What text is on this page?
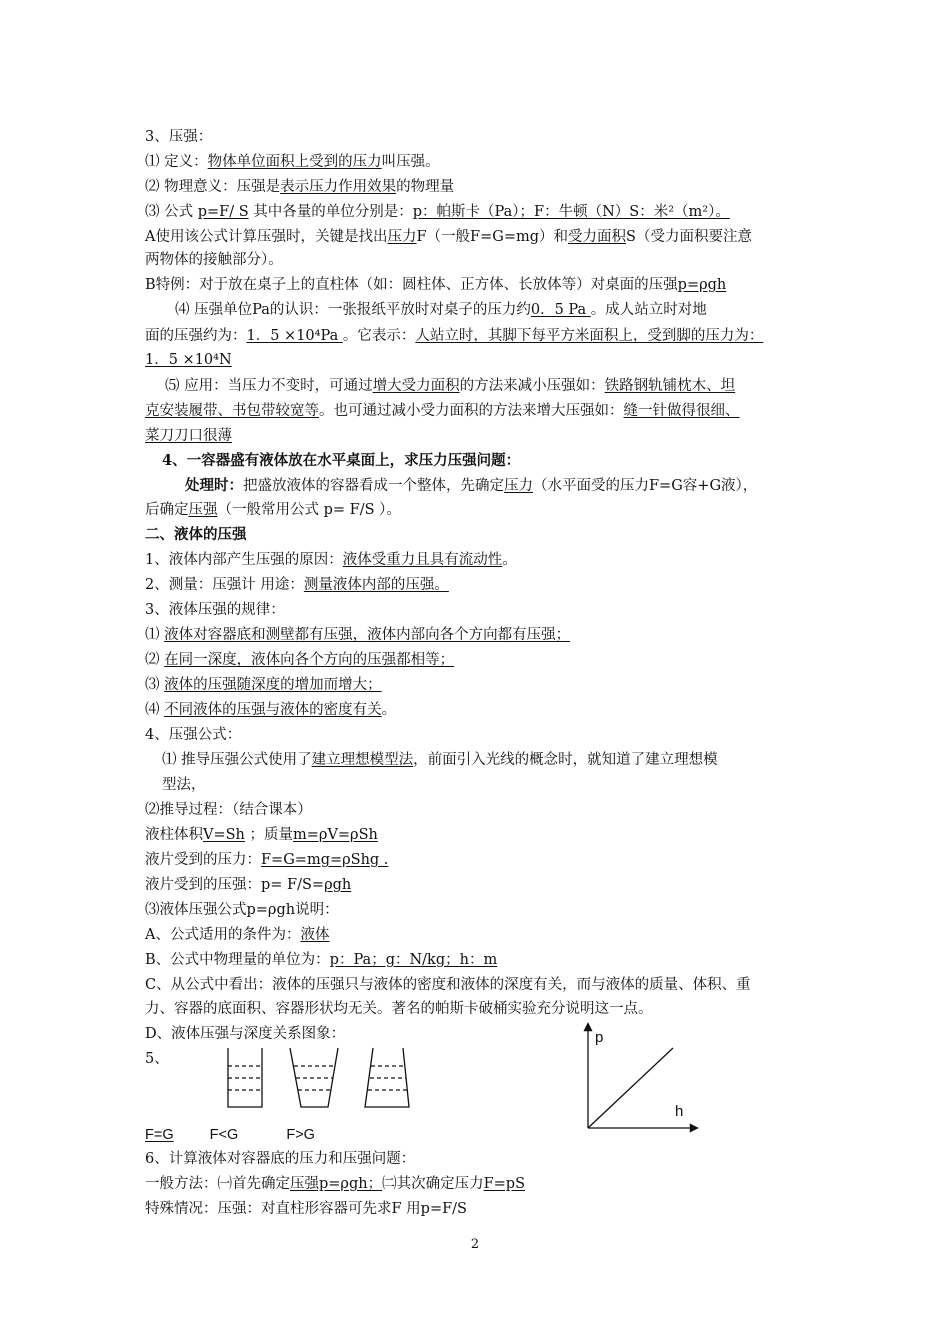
3、压强：
⑴ 定义：物体单位面积上受到的压力叫压强。
⑵ 物理意义：压强是表示压力作用效果的物理量
⑶ 公式 p=F/ S 其中各量的单位分别是：p：帕斯卡（Pa）；F：牛顿（N）S：米²（m²）。
A使用该公式计算压强时，关键是找出压力F（一般F=G=mg）和受力面积S（受力面积要注意
两物体的接触部分）。
B特例：对于放在桌子上的直柱体（如：圆柱体、正方体、长放体等）对桌面的压强p=ρgh
⑷ 压强单位Pa的认识：一张报纸平放时对桌子的压力约0．5 Pa 。成人站立时对地
面的压强约为：1．5 ×10⁴Pa 。它表示：人站立时，其脚下每平方米面积上，受到脚的压力为：
1．5 ×10⁴N
⑸ 应用：当压力不变时，可通过增大受力面积的方法来减小压强如：铁路钢轨铺枕木、坦
克安装履带、书包带较宽等。也可通过减小受力面积的方法来增大压强如：缝一针做得很细、
菜刀刀口很薄
4、一容器盛有液体放在水平桌面上，求压力压强问题：
处理时：把盛放液体的容器看成一个整体，先确定压力（水平面受的压力F=G容+G液），
后确定压强（一般常用公式 p= F/S ）。
二、液体的压强
1、液体内部产生压强的原因：液体受重力且具有流动性。
2、测量：压强计 用途：测量液体内部的压强。
3、液体压强的规律：
⑴ 液体对容器底和测壁都有压强，液体内部向各个方向都有压强；
⑵ 在同一深度，液体向各个方向的压强都相等；
⑶ 液体的压强随深度的增加而增大；
⑷ 不同液体的压强与液体的密度有关。
4、压强公式：
⑴ 推导压强公式使用了建立理想模型法，前面引入光线的概念时，就知道了建立理想模
型法，
⑵推导过程：（结合课本）
液柱体积V=Sh ；质量m=ρV=ρSh
液片受到的压力：F=G=mg=ρShg .
液片受到的压强：p= F/S=ρgh
⑶液体压强公式p=ρgh说明：
A、公式适用的条件为：液体
B、公式中物理量的单位为：p：Pa；g：N/kg；h：m
C、从公式中看出：液体的压强只与液体的密度和液体的深度有关，而与液体的质量、体积、重
力、容器的底面积、容器形状均无关。著名的帕斯卡破桶实验充分说明这一点。
D、液体压强与深度关系图象：
5、
p
h
F=G F<G	F>G
6、计算液体对容器底的压力和压强问题：
一般方法：㈠首先确定压强p=ρgh；㈡其次确定压力F=pS
特殊情况：压强：对直柱形容器可先求F 用p=F/S
2
